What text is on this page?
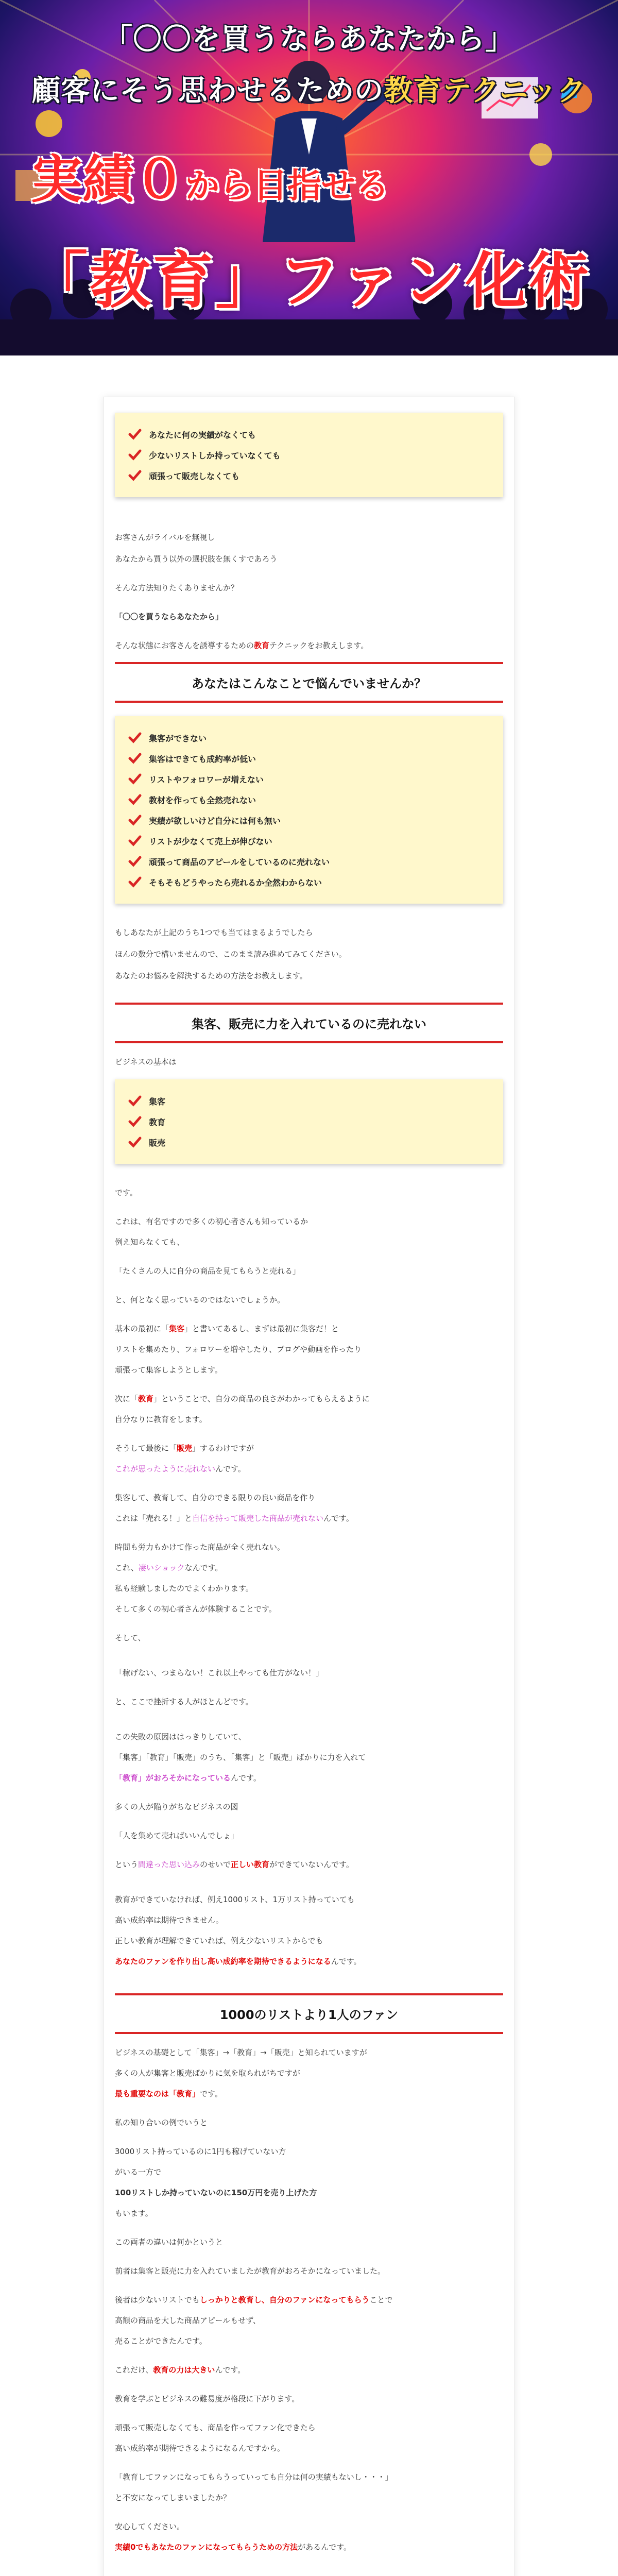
「〇〇を買うならあなたから」
顧客にそう思わせるための教育テクニック
実績０から目指せる
「教育」ファン化術
あなたに何の実績がなくても
少ないリストしか持っていなくても
頑張って販売しなくても

お客さんがライバルを無視し

あなたから買う以外の選択肢を無くすであろう

そんな方法知りたくありませんか？

「〇〇を買うならあなたから」

そんな状態にお客さんを誘導するための教育テクニックをお教えします。

あなたはこんなことで悩んでいませんか？
集客ができない
集客はできても成約率が低い
リストやフォロワーが増えない
教材を作っても全然売れない
実績が欲しいけど自分には何も無い
リストが少なくて売上が伸びない
頑張って商品のアピールをしているのに売れない
そもそもどうやったら売れるか全然わからない

もしあなたが上記のうち1つでも当てはまるようでしたら

ほんの数分で構いませんので、このまま読み進めてみてください。

あなたのお悩みを解決するための方法をお教えします。

集客、販売に力を入れているのに売れない

ビジネスの基本は

集客
教育
販売

です。

これは、有名ですので多くの初心者さんも知っているか

例え知らなくても、

「たくさんの人に自分の商品を見てもらうと売れる」

と、何となく思っているのではないでしょうか。

基本の最初に「集客」と書いてあるし、まずは最初に集客だ！と

リストを集めたり、フォロワーを増やしたり、ブログや動画を作ったり

頑張って集客しようとします。

次に「教育」ということで、自分の商品の良さがわかってもらえるように

自分なりに教育をします。

そうして最後に「販売」するわけですが

これが思ったように売れないんです。

集客して、教育して、自分のできる限りの良い商品を作り

これは「売れる！」と自信を持って販売した商品が売れないんです。

時間も労力もかけて作った商品が全く売れない。

これ、凄いショックなんです。

私も経験しましたのでよくわかります。

そして多くの初心者さんが体験することです。

そして、

「稼げない、つまらない！これ以上やっても仕方がない！」

と、ここで挫折する人がほとんどです。

この失敗の原因ははっきりしていて、

「集客」「教育」「販売」のうち、「集客」と「販売」ばかりに力を入れて

「教育」がおろそかになっているんです。

多くの人が陥りがちなビジネスの図

「人を集めて売ればいいんでしょ」

という間違った思い込みのせいで正しい教育ができていないんです。

教育ができていなければ、例え1000リスト、1万リスト持っていても

高い成約率は期待できません。

正しい教育が理解できていれば、例え少ないリストからでも

あなたのファンを作り出し高い成約率を期待できるようになるんです。

1000のリストより1人のファン

ビジネスの基礎として「集客」→「教育」→「販売」と知られていますが

多くの人が集客と販売ばかりに気を取られがちですが

最も重要なのは「教育」です。

私の知り合いの例でいうと

3000リスト持っているのに1円も稼げていない方

がいる一方で

100リストしか持っていないのに150万円を売り上げた方

もいます。

この両者の違いは何かというと

前者は集客と販売に力を入れていましたが教育がおろそかになっていました。

後者は少ないリストでもしっかりと教育し、自分のファンになってもらうことで

高額の商品を大した商品アピールもせず、

売ることができたんです。

これだけ、教育の力は大きいんです。

教育を学ぶとビジネスの難易度が格段に下がります。

頑張って販売しなくても、商品を作ってファン化できたら

高い成約率が期待できるようになるんですから。

「教育してファンになってもらうっていっても自分は何の実績もないし・・・」

と不安になってしまいましたか？

安心してください。

実績0でもあなたのファンになってもらうための方法があるんです。
